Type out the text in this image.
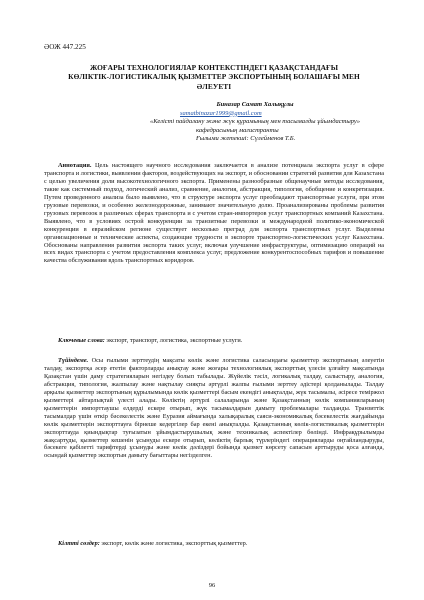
ӘОЖ 447.225
ЖОҒАРЫ ТЕХНОЛОГИЯЛАР КОНТЕКСТІНДЕГІ ҚАЗАҚСТАНДАҒЫ
КӨЛІКТІК-ЛОГИСТИКАЛЫҚ ҚЫЗМЕТТЕР ЭКСПОРТЫНЫҢ БОЛАШАҒЫ МЕН
ӘЛЕУЕТІ
Биназар Самат Халықұлы
samatbinazar1999@gmail.com
«Келісті пайдалану және жүк құрамының мен тасымалды ұйымдастыру»
кафедрасының магистранты
Ғылыми жетекші: Сүлейменов Т.Б.
Аннотация. Цель настоящего научного исследования заключается в анализе потенциала экспорта услуг в сфере транспорта и логистики, выявлении факторов, воздействующих на экспорт, и обосновании стратегий развития для Казахстана с целью увеличения доли высокотехнологичного экспорта. Применены разнообразные общенаучные методы исследования, такие как системный подход, логический анализ, сравнение, аналогия, абстракция, типология, обобщение и конкретизация. Путем проведенного анализа было выявлено, что в структуре экспорта услуг преобладают транспортные услуги, при этом грузовые перевозки, и особенно железнодорожные, занимают значительную долю. Проанализированы проблемы развития грузовых перевозок в различных сферах транспорта и с учетом стран-импортеров услуг транспортных компаний Казахстана. Выявлено, что в условиях острой конкуренции за транзитные перевозки и международной политико-экономической конкуренции в евразийском регионе существует несколько преград для экспорта транспортных услуг. Выделены организационные и технические аспекты, создающие трудности в экспорте транспортно-логистических услуг Казахстана. Обоснованы направления развития экспорта таких услуг, включая улучшение инфраструктуры, оптимизацию операций на всех видах транспорта с учетом предоставления комплекса услуг, предложение конкурентоспособных тарифов и повышение качества обслуживания вдоль транспортных коридоров.
Ключевые слова: экспорт, транспорт, логистика, экспортные услуги.
Түйіндеме. Осы ғылыми зерттеудің мақсаты көлік және логистика саласындағы қызметтер экспортының әлеуетін талдау, экспортқа әсер ететін факторларды анықтау және жоғары технологиялық экспорттың үлесін ұлғайту мақсатында Қазақстан үшін даму стратегияларын негіздеу болып табылады. Жүйелік тәсіл, логикалық талдау, салыстыру, аналогия, абстракция, типология, жалпылау және нақтылау сияқты әртүрлі жалпы ғылыми зерттеу әдістері қолданылады. Талдау арқылы қызметтер экспортының құрылымында көлік қызметтері басым екендігі анықталды, жүк тасымалы, әсіресе темiржол қызметтері айтарлықтай үлесті алады. Көліктің әртүрлі салаларында және Қазақстанның көлік компанияларының қызметтерін импорттаушы елдерді ескере отырып, жүк тасымалдарын дамыту проблемалары талданды. Транзиттік тасымалдар үшін өткір бәсекелестік және Еуразия аймағында халықаралық саяси-экономикалық бәсекелестік жағдайында көлік қызметтерін экспорттауға бірнеше кедергілер бар екені анықталды. Қазақстанның көлік-логистикалық қызметтерін экспорттауда қиындықтар туғызатын ұйымдастырушылық және техникалық аспектілер бөлінді. Инфрақұрылымды жақсартуды, қызметтер кешенін ұсынуды ескере отырып, көліктің барлық түрлеріндегі операцияларды оңтайландыруды, бәсекеге қабілетті тарифтерді ұсынуды және көлік дәліздері бойында қызмет көрсету сапасын арттыруды қоса алғанда, осындай қызметтер экспортын дамыту бағыттары негізделген.
Кілтті сөздер: экспорт, көлік және логистика, экспорттық қызметтер.
96
